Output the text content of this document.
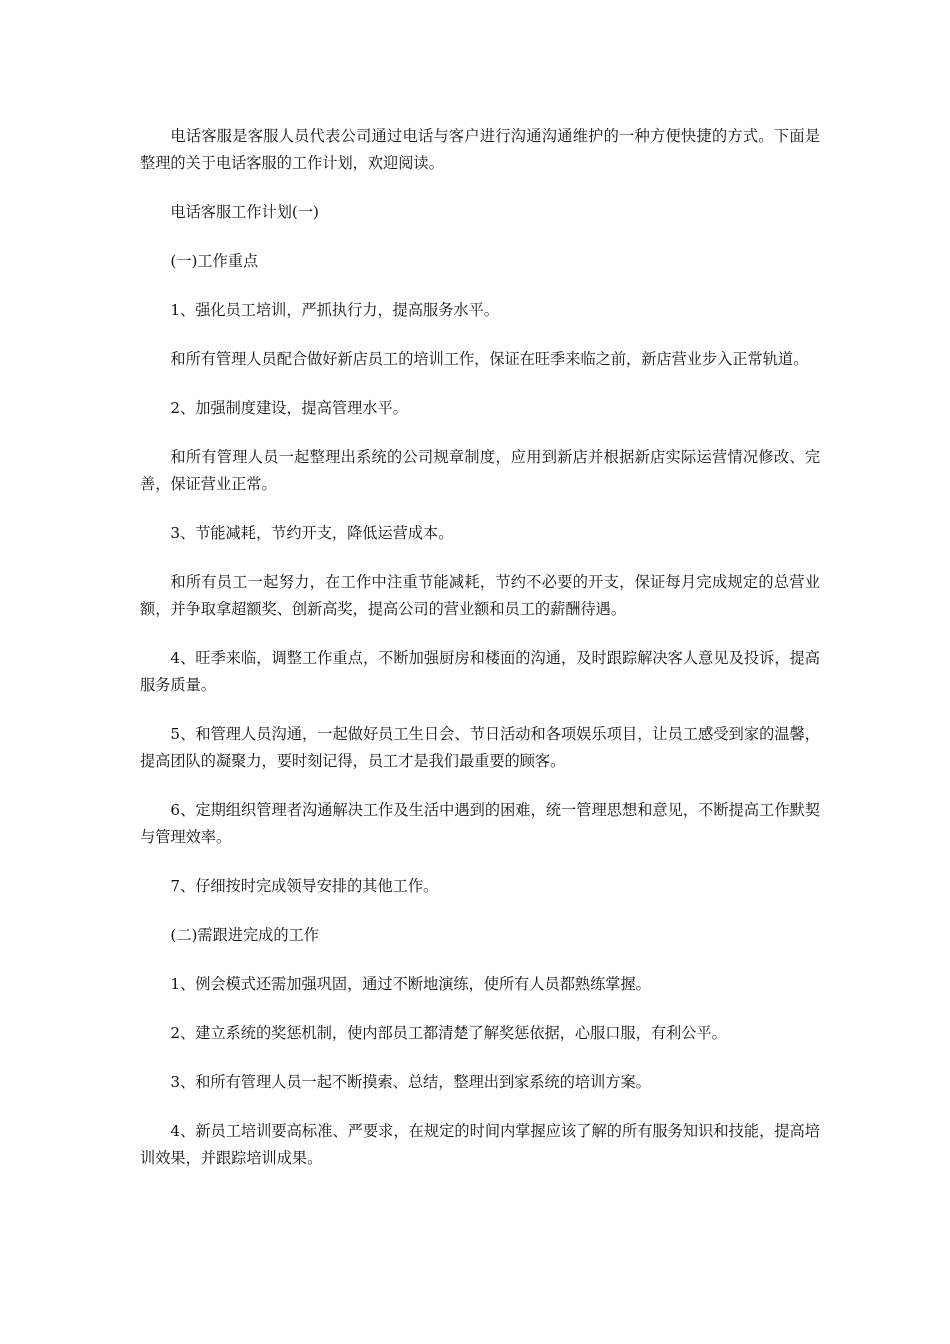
电话客服是客服人员代表公司通过电话与客户进行沟通沟通维护的一种方便快捷的方式。下面是整理的关于电话客服的工作计划，欢迎阅读。

电话客服工作计划(一)

(一)工作重点

1、强化员工培训，严抓执行力，提高服务水平。

和所有管理人员配合做好新店员工的培训工作，保证在旺季来临之前，新店营业步入正常轨道。

2、加强制度建设，提高管理水平。

和所有管理人员一起整理出系统的公司规章制度，应用到新店并根据新店实际运营情况修改、完善，保证营业正常。

3、节能减耗，节约开支，降低运营成本。

和所有员工一起努力，在工作中注重节能减耗，节约不必要的开支，保证每月完成规定的总营业额，并争取拿超额奖、创新高奖，提高公司的营业额和员工的薪酬待遇。

4、旺季来临，调整工作重点，不断加强厨房和楼面的沟通，及时跟踪解决客人意见及投诉，提高服务质量。

5、和管理人员沟通，一起做好员工生日会、节日活动和各项娱乐项目，让员工感受到家的温馨，提高团队的凝聚力，要时刻记得，员工才是我们最重要的顾客。

6、定期组织管理者沟通解决工作及生活中遇到的困难，统一管理思想和意见，不断提高工作默契与管理效率。

7、仔细按时完成领导安排的其他工作。

(二)需跟进完成的工作

1、例会模式还需加强巩固，通过不断地演练，使所有人员都熟练掌握。

2、建立系统的奖惩机制，使内部员工都清楚了解奖惩依据，心服口服，有利公平。

3、和所有管理人员一起不断摸索、总结，整理出到家系统的培训方案。

4、新员工培训要高标准、严要求，在规定的时间内掌握应该了解的所有服务知识和技能，提高培训效果，并跟踪培训成果。
